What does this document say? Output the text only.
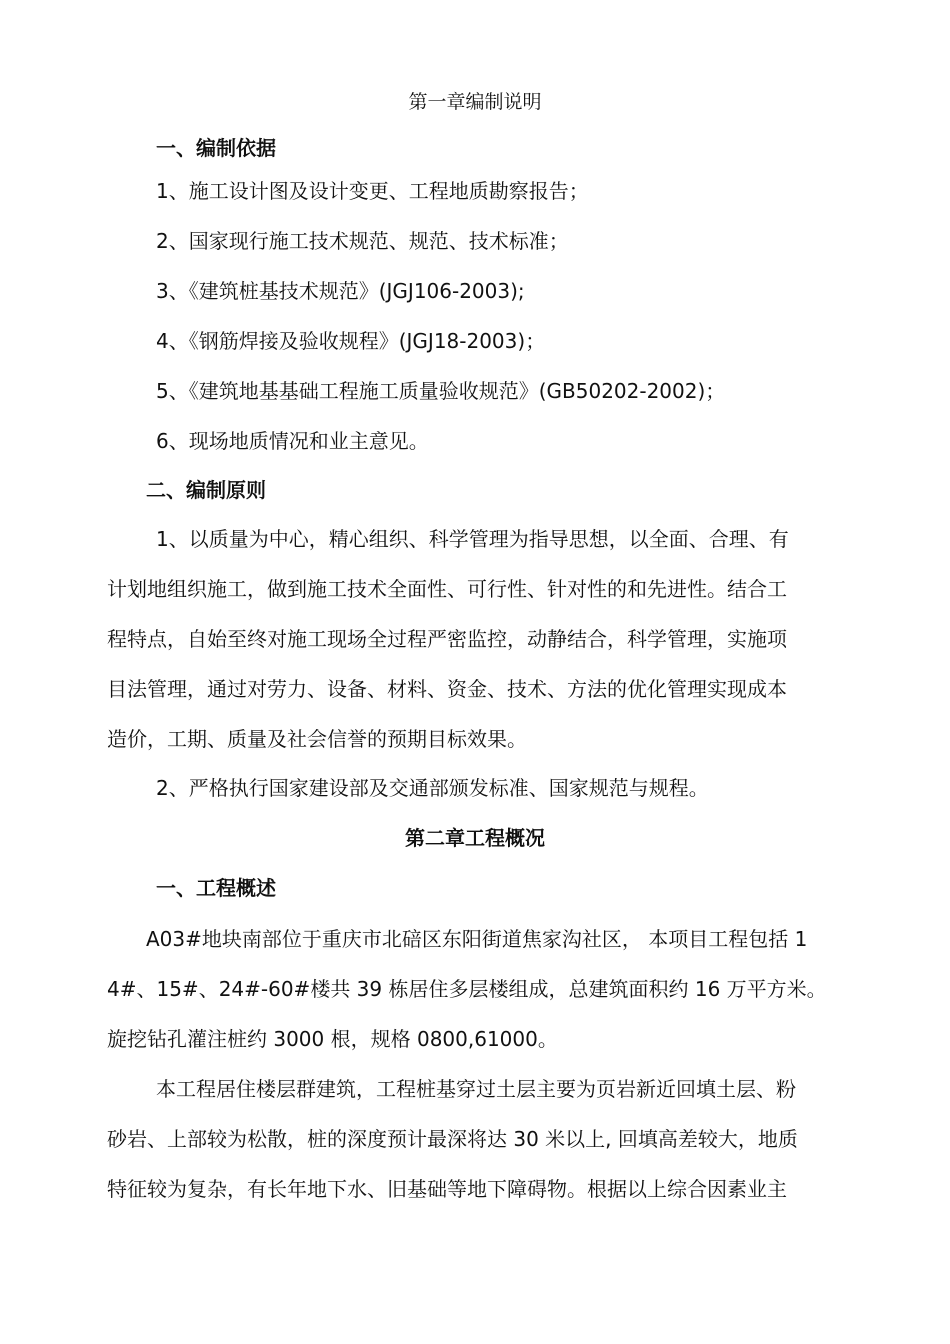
第一章编制说明

一、编制依据

1、施工设计图及设计变更、工程地质勘察报告；

2、国家现行施工技术规范、规范、技术标准；

3、《建筑桩基技术规范》(JGJ106-2003);

4、《钢筋焊接及验收规程》(JGJ18-2003)；

5、《建筑地基基础工程施工质量验收规范》(GB50202-2002)；

6、现场地质情况和业主意见。

二、编制原则

1、以质量为中心，精心组织、科学管理为指导思想，以全面、合理、有

计划地组织施工，做到施工技术全面性、可行性、针对性的和先进性。结合工

程特点，自始至终对施工现场全过程严密监控，动静结合，科学管理，实施项

目法管理，通过对劳力、设备、材料、资金、技术、方法的优化管理实现成本

造价，工期、质量及社会信誉的预期目标效果。

2、严格执行国家建设部及交通部颁发标准、国家规范与规程。

第二章工程概况

一、工程概述

A03#地块南部位于重庆市北碚区东阳街道焦家沟社区， 本项目工程包括 1

4#、15#、24#-60#楼共 39 栋居住多层楼组成，总建筑面积约 16 万平方米。

旋挖钻孔灌注桩约 3000 根，规格 0800,61000。

本工程居住楼层群建筑，工程桩基穿过土层主要为页岩新近回填土层、粉

砂岩、上部较为松散，桩的深度预计最深将达 30 米以上, 回填高差较大，地质

特征较为复杂，有长年地下水、旧基础等地下障碍物。根据以上综合因素业主
